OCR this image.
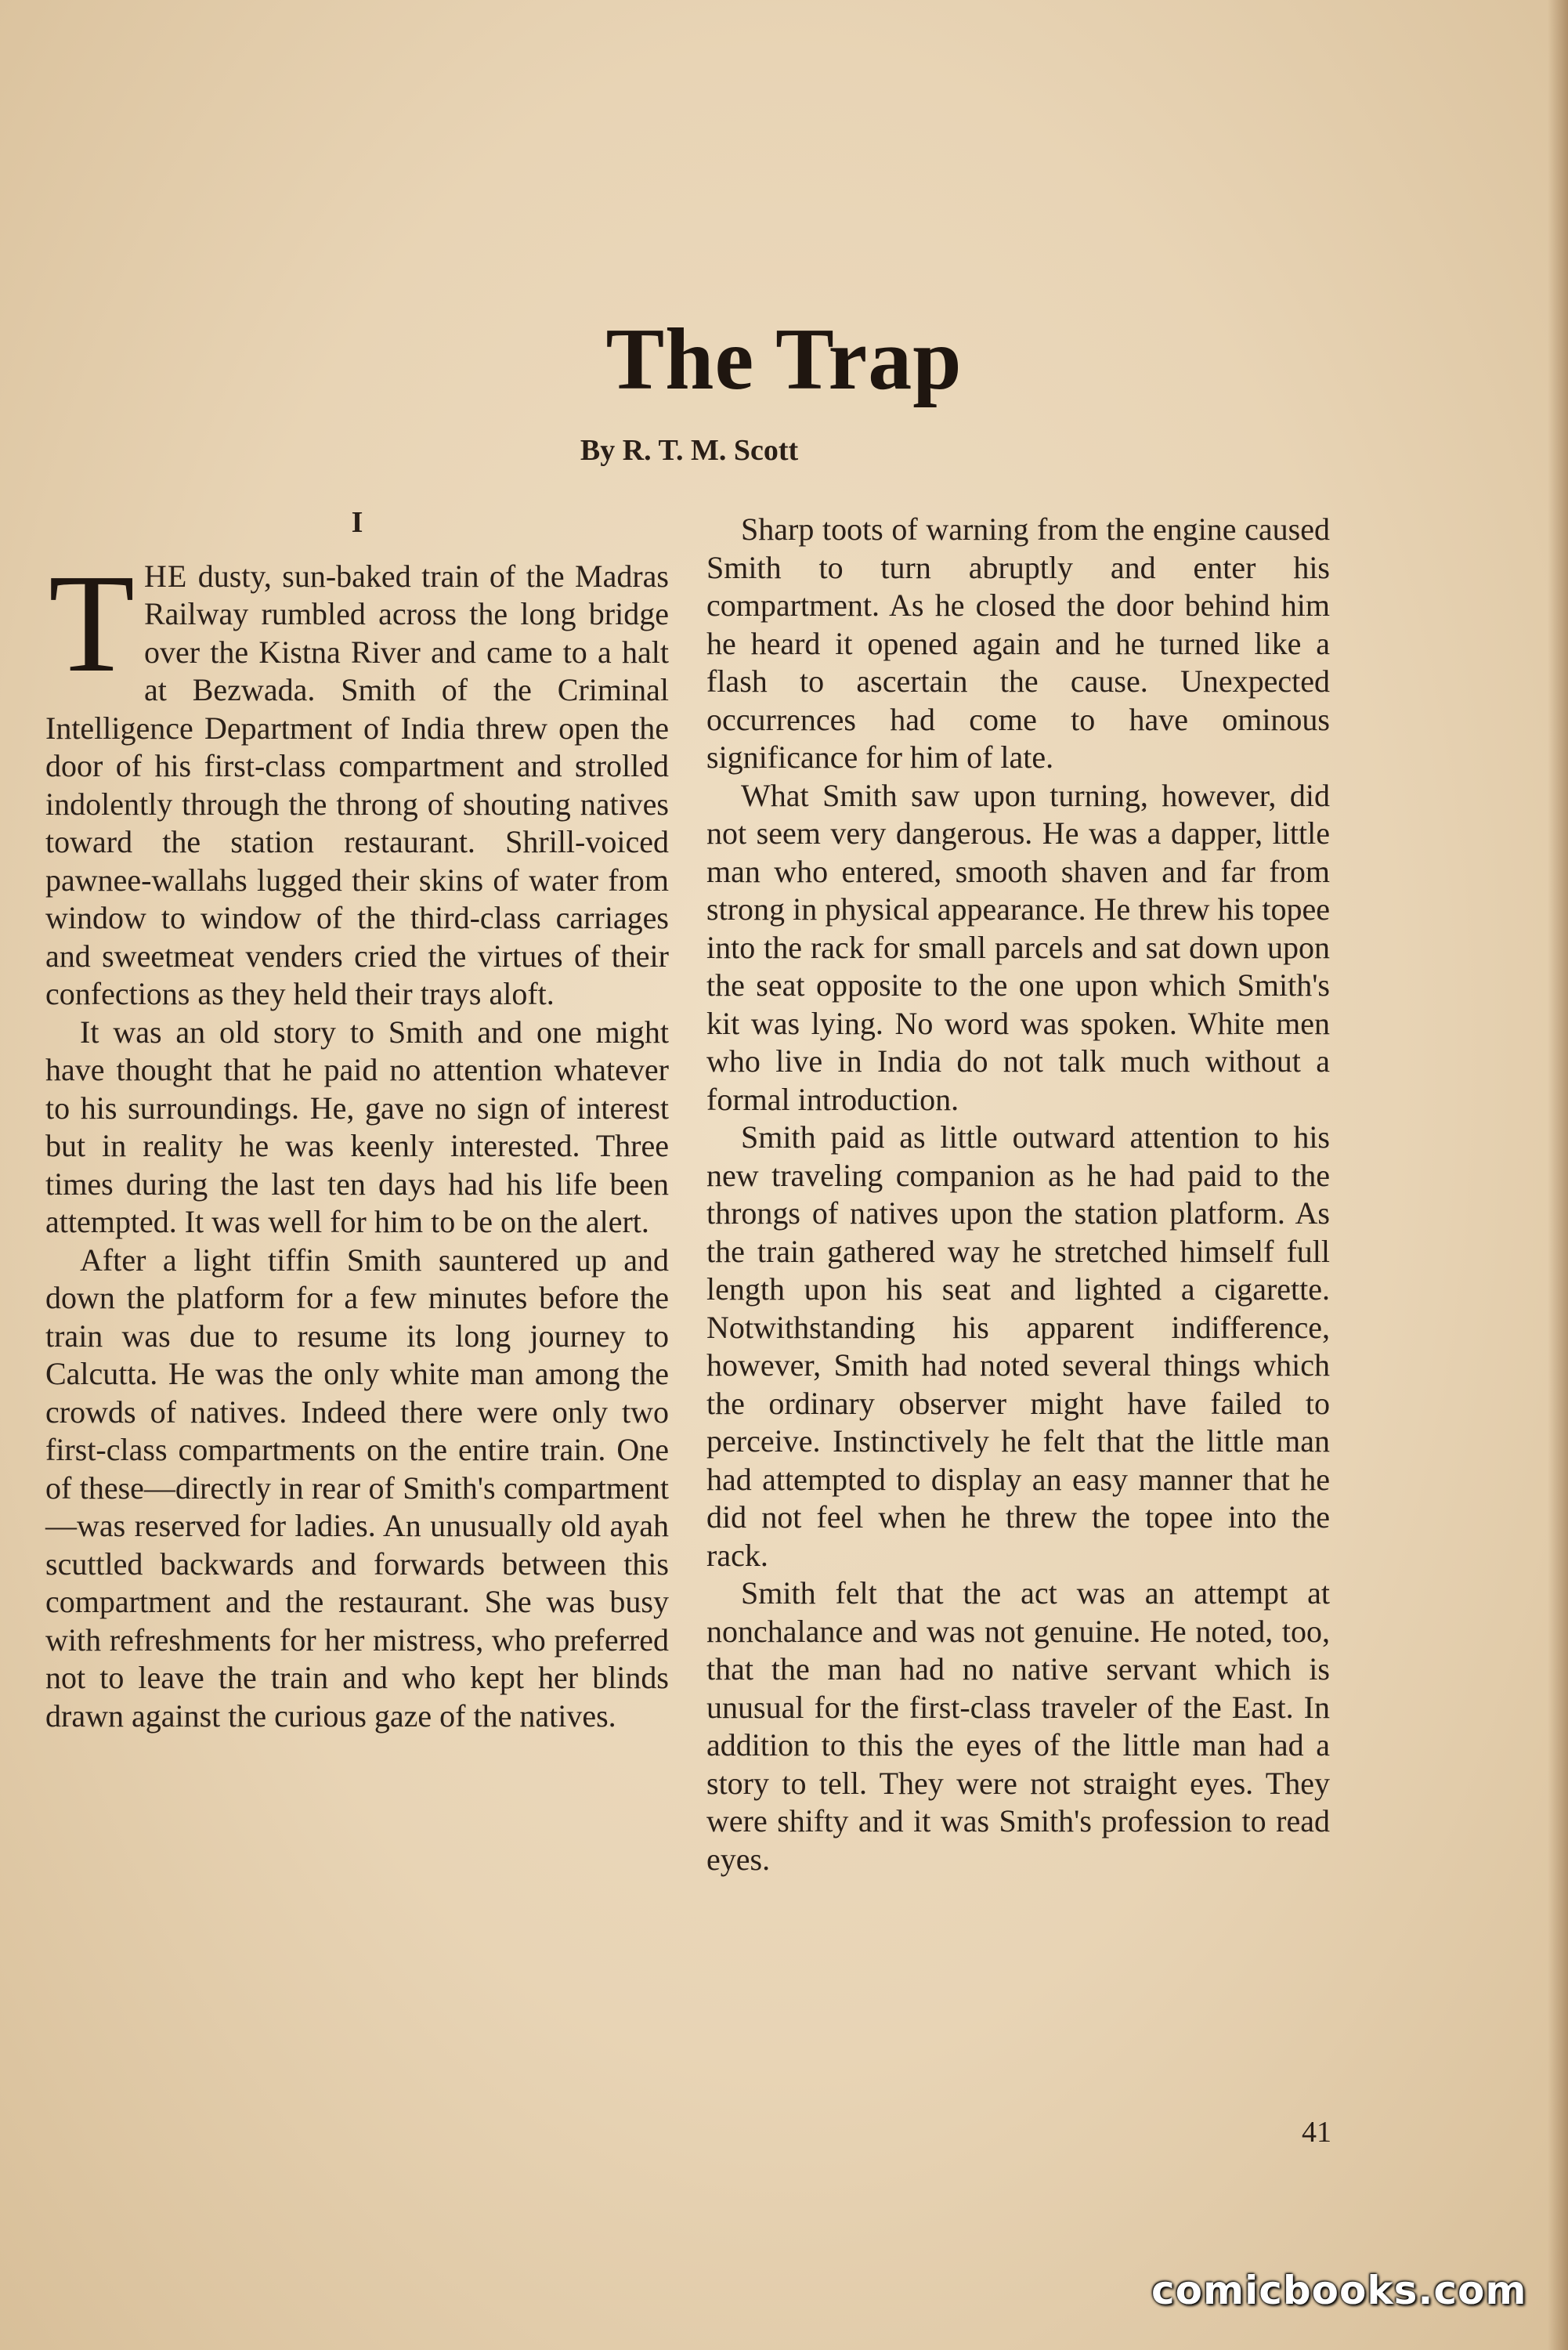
The Trap
By R. T. M. Scott
I

THE dusty, sun-baked train of the Madras Railway rumbled across the long bridge over the Kistna River and came to a halt at Bezwada. Smith of the Criminal Intelligence Department of India threw open the door of his first-class compartment and strolled indolently through the throng of shouting natives toward the station restaurant. Shrill-voiced pawnee-wallahs lugged their skins of water from window to window of the third-class carriages and sweetmeat venders cried the virtues of their confections as they held their trays aloft.

It was an old story to Smith and one might have thought that he paid no attention whatever to his surroundings. He, gave no sign of interest but in reality he was keenly interested. Three times during the last ten days had his life been attempted. It was well for him to be on the alert.

After a light tiffin Smith sauntered up and down the platform for a few minutes before the train was due to resume its long journey to Calcutta. He was the only white man among the crowds of natives. Indeed there were only two first-class compartments on the entire train. One of these—directly in rear of Smith's compartment—was reserved for ladies. An unusually old ayah scuttled backwards and forwards between this compartment and the restaurant. She was busy with refreshments for her mistress, who preferred not to leave the train and who kept her blinds drawn against the curious gaze of the natives.

Sharp toots of warning from the engine caused Smith to turn abruptly and enter his compartment. As he closed the door behind him he heard it opened again and he turned like a flash to ascertain the cause. Unexpected occurrences had come to have ominous significance for him of late.

What Smith saw upon turning, however, did not seem very dangerous. He was a dapper, little man who entered, smooth shaven and far from strong in physical appearance. He threw his topee into the rack for small parcels and sat down upon the seat opposite to the one upon which Smith's kit was lying. No word was spoken. White men who live in India do not talk much without a formal introduction.

Smith paid as little outward attention to his new traveling companion as he had paid to the throngs of natives upon the station platform. As the train gathered way he stretched himself full length upon his seat and lighted a cigarette. Notwithstanding his apparent indifference, however, Smith had noted several things which the ordinary observer might have failed to perceive. Instinctively he felt that the little man had attempted to display an easy manner that he did not feel when he threw the topee into the rack.

Smith felt that the act was an attempt at nonchalance and was not genuine. He noted, too, that the man had no native servant which is unusual for the first-class traveler of the East. In addition to this the eyes of the little man had a story to tell. They were not straight eyes. They were shifty and it was Smith's profession to read eyes.

41
comicbooks.com
